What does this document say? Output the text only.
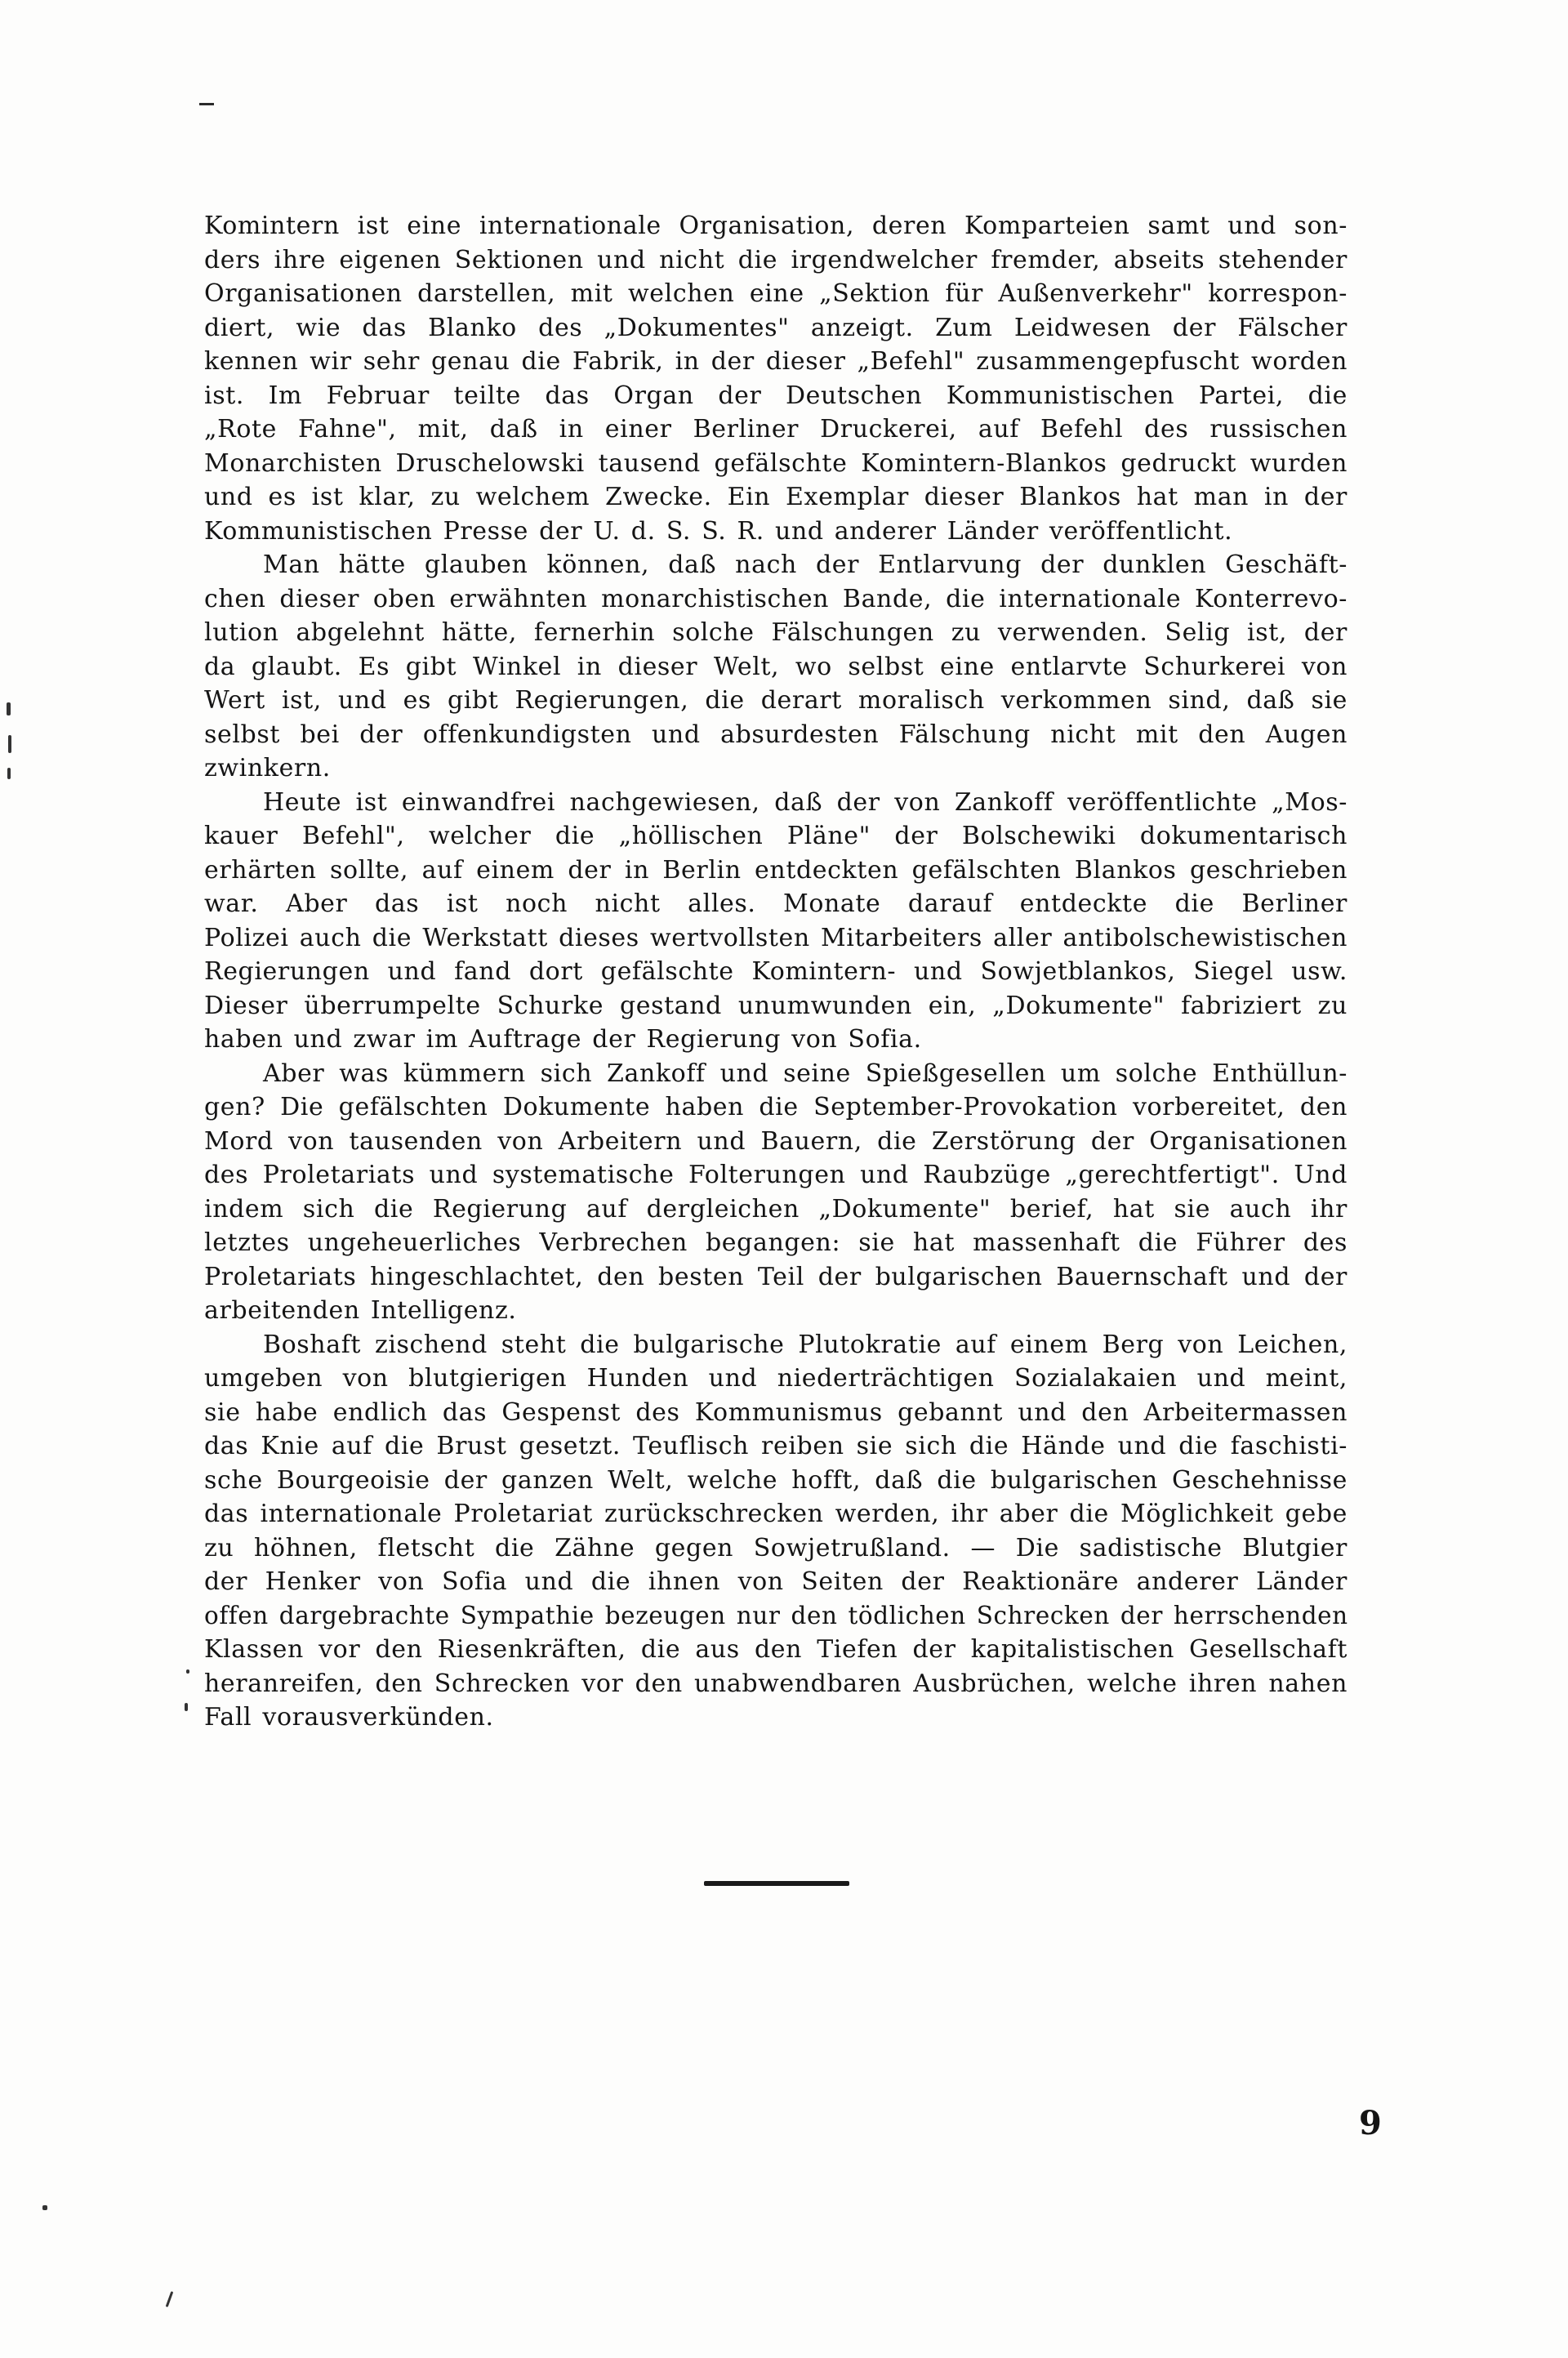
Komintern ist eine internationale Organisation, deren Komparteien samt und son-
ders ihre eigenen Sektionen und nicht die irgendwelcher fremder, abseits stehender
Organisationen darstellen, mit welchen eine „Sektion für Außenverkehr" korrespon-
diert, wie das Blanko des „Dokumentes" anzeigt. Zum Leidwesen der Fälscher
kennen wir sehr genau die Fabrik, in der dieser „Befehl" zusammengepfuscht worden
ist. Im Februar teilte das Organ der Deutschen Kommunistischen Partei, die
„Rote Fahne", mit, daß in einer Berliner Druckerei, auf Befehl des russischen
Monarchisten Druschelowski tausend gefälschte Komintern-Blankos gedruckt wurden
und es ist klar, zu welchem Zwecke. Ein Exemplar dieser Blankos hat man in der
Kommunistischen Presse der U. d. S. S. R. und anderer Länder veröffentlicht.
Man hätte glauben können, daß nach der Entlarvung der dunklen Geschäft-
chen dieser oben erwähnten monarchistischen Bande, die internationale Konterrevo-
lution abgelehnt hätte, fernerhin solche Fälschungen zu verwenden. Selig ist, der
da glaubt. Es gibt Winkel in dieser Welt, wo selbst eine entlarvte Schurkerei von
Wert ist, und es gibt Regierungen, die derart moralisch verkommen sind, daß sie
selbst bei der offenkundigsten und absurdesten Fälschung nicht mit den Augen
zwinkern.
Heute ist einwandfrei nachgewiesen, daß der von Zankoff veröffentlichte „Mos-
kauer Befehl", welcher die „höllischen Pläne" der Bolschewiki dokumentarisch
erhärten sollte, auf einem der in Berlin entdeckten gefälschten Blankos geschrieben
war. Aber das ist noch nicht alles. Monate darauf entdeckte die Berliner
Polizei auch die Werkstatt dieses wertvollsten Mitarbeiters aller antibolschewistischen
Regierungen und fand dort gefälschte Komintern- und Sowjetblankos, Siegel usw.
Dieser überrumpelte Schurke gestand unumwunden ein, „Dokumente" fabriziert zu
haben und zwar im Auftrage der Regierung von Sofia.
Aber was kümmern sich Zankoff und seine Spießgesellen um solche Enthüllun-
gen? Die gefälschten Dokumente haben die September-Provokation vorbereitet, den
Mord von tausenden von Arbeitern und Bauern, die Zerstörung der Organisationen
des Proletariats und systematische Folterungen und Raubzüge „gerechtfertigt". Und
indem sich die Regierung auf dergleichen „Dokumente" berief, hat sie auch ihr
letztes ungeheuerliches Verbrechen begangen: sie hat massenhaft die Führer des
Proletariats hingeschlachtet, den besten Teil der bulgarischen Bauernschaft und der
arbeitenden Intelligenz.
Boshaft zischend steht die bulgarische Plutokratie auf einem Berg von Leichen,
umgeben von blutgierigen Hunden und niederträchtigen Sozialakaien und meint,
sie habe endlich das Gespenst des Kommunismus gebannt und den Arbeitermassen
das Knie auf die Brust gesetzt. Teuflisch reiben sie sich die Hände und die faschisti-
sche Bourgeoisie der ganzen Welt, welche hofft, daß die bulgarischen Geschehnisse
das internationale Proletariat zurückschrecken werden, ihr aber die Möglichkeit gebe
zu höhnen, fletscht die Zähne gegen Sowjetrußland. — Die sadistische Blutgier
der Henker von Sofia und die ihnen von Seiten der Reaktionäre anderer Länder
offen dargebrachte Sympathie bezeugen nur den tödlichen Schrecken der herrschenden
Klassen vor den Riesenkräften, die aus den Tiefen der kapitalistischen Gesellschaft
heranreifen, den Schrecken vor den unabwendbaren Ausbrüchen, welche ihren nahen
Fall vorausverkünden.
9
